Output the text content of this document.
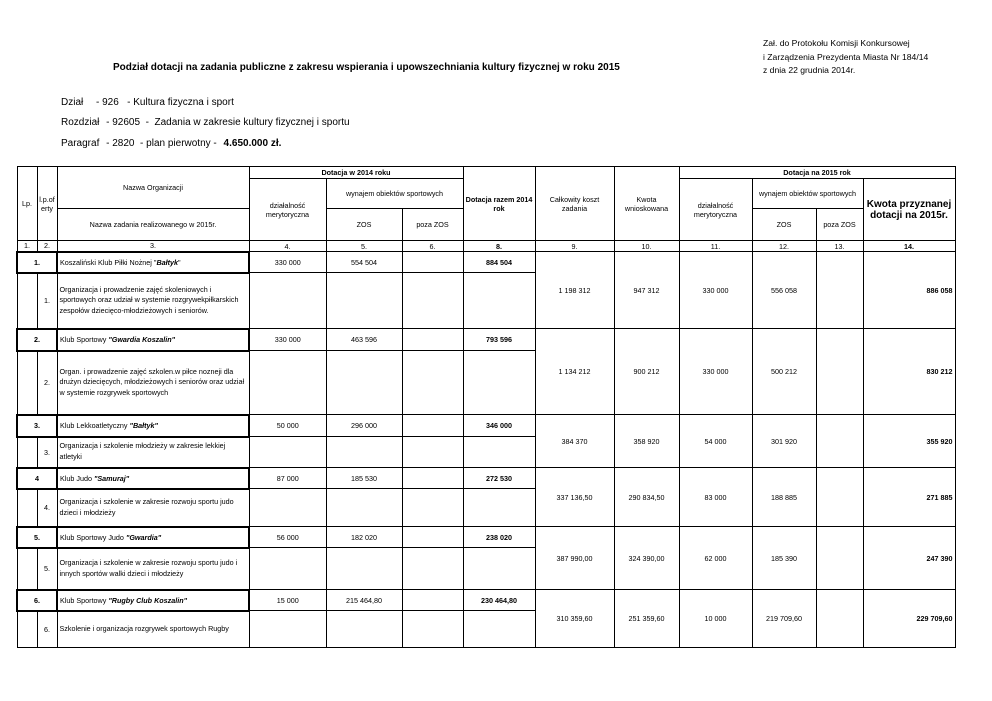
Podział dotacji na zadania publiczne z zakresu wspierania i upowszechniania kultury fizycznej w roku 2015
Zał. do Protokołu Komisji Konkursowej
i Zarządzenia Prezydenta Miasta Nr 184/14
z dnia 22 grudnia 2014r.
Dział - 926   - Kultura fizyczna i sport
Rozdział - 92605  -  Zadania w zakresie kultury fizycznej i sportu
Paragraf - 2820  - plan pierwotny - 4.650.000 zł.
Lp.	l.p.oferty	Nazwa Organizacji	Dotacja w 2014 roku			Dotacja razem 2014 rok	Całkowity koszt zadania	Kwota wnioskowana	Dotacja na 2015 rok			
			działalność merytoryczna	wynajem obiektów sportowych					działalność merytoryczna	wynajem obiektów sportowych		Kwota przyznanej dotacji na 2015r.
		Nazwa zadania realizowanego w 2015r.		ZOS	poza ZOS					ZOS	poza ZOS	
1.	2.	3.	4.	5.	6.	8.	9.	10.	11.	12.	13.	14.
1.		Koszaliński Klub Piłki Nożnej "Bałtyk"	330 000	554 504		884 504	1 198 312	947 312	330 000	556 058		886 058
	1.	Organizacja i prowadzenie zajęć skoleniowych i sportowych oraz udział w systemie rozgrywekpiłkarskich zespołów dziecięco-młodzieżowych i seniorów.										
2.		Klub Sportowy "Gwardia Koszalin"	330 000	463 596		793 596	1 134 212	900 212	330 000	500 212		830 212
	2.	Organ. i prowadzenie zajęć szkolen.w piłce nozneji dla drużyn dziecięcych, młodzieżowych i seniorów oraz udział w systemie rozgrywek sportowych										
3.		Klub Lekkoatletyczny "Bałtyk"	50 000	296 000		346 000	384 370	358 920	54 000	301 920		355 920
	3.	Organizacja i szkolenie młodzieży w zakresie lekkiej atletyki										
4		Klub Judo "Samuraj"	87 000	185 530		272 530	337 136,50	290 834,50	83 000	188 885		271 885
	4.	Organizacja i szkolenie w zakresie rozwoju sportu judo dzieci i młodzieży										
5.		Klub Sportowy Judo "Gwardia"	56 000	182 020		238 020	387 990,00	324 390,00	62 000	185 390		247 390
	5.	Organizacja i szkolenie w zakresie rozwoju sportu judo i innych sportów walki dzieci i młodzieży										
6.		Klub Sportowy "Rugby Club Koszalin"	15 000	215 464,80		230 464,80	310 359,60	251 359,60	10 000	219 709,60		229 709,60
	6.	Szkolenie i organizacja rozgrywek sportowych Rugby										
